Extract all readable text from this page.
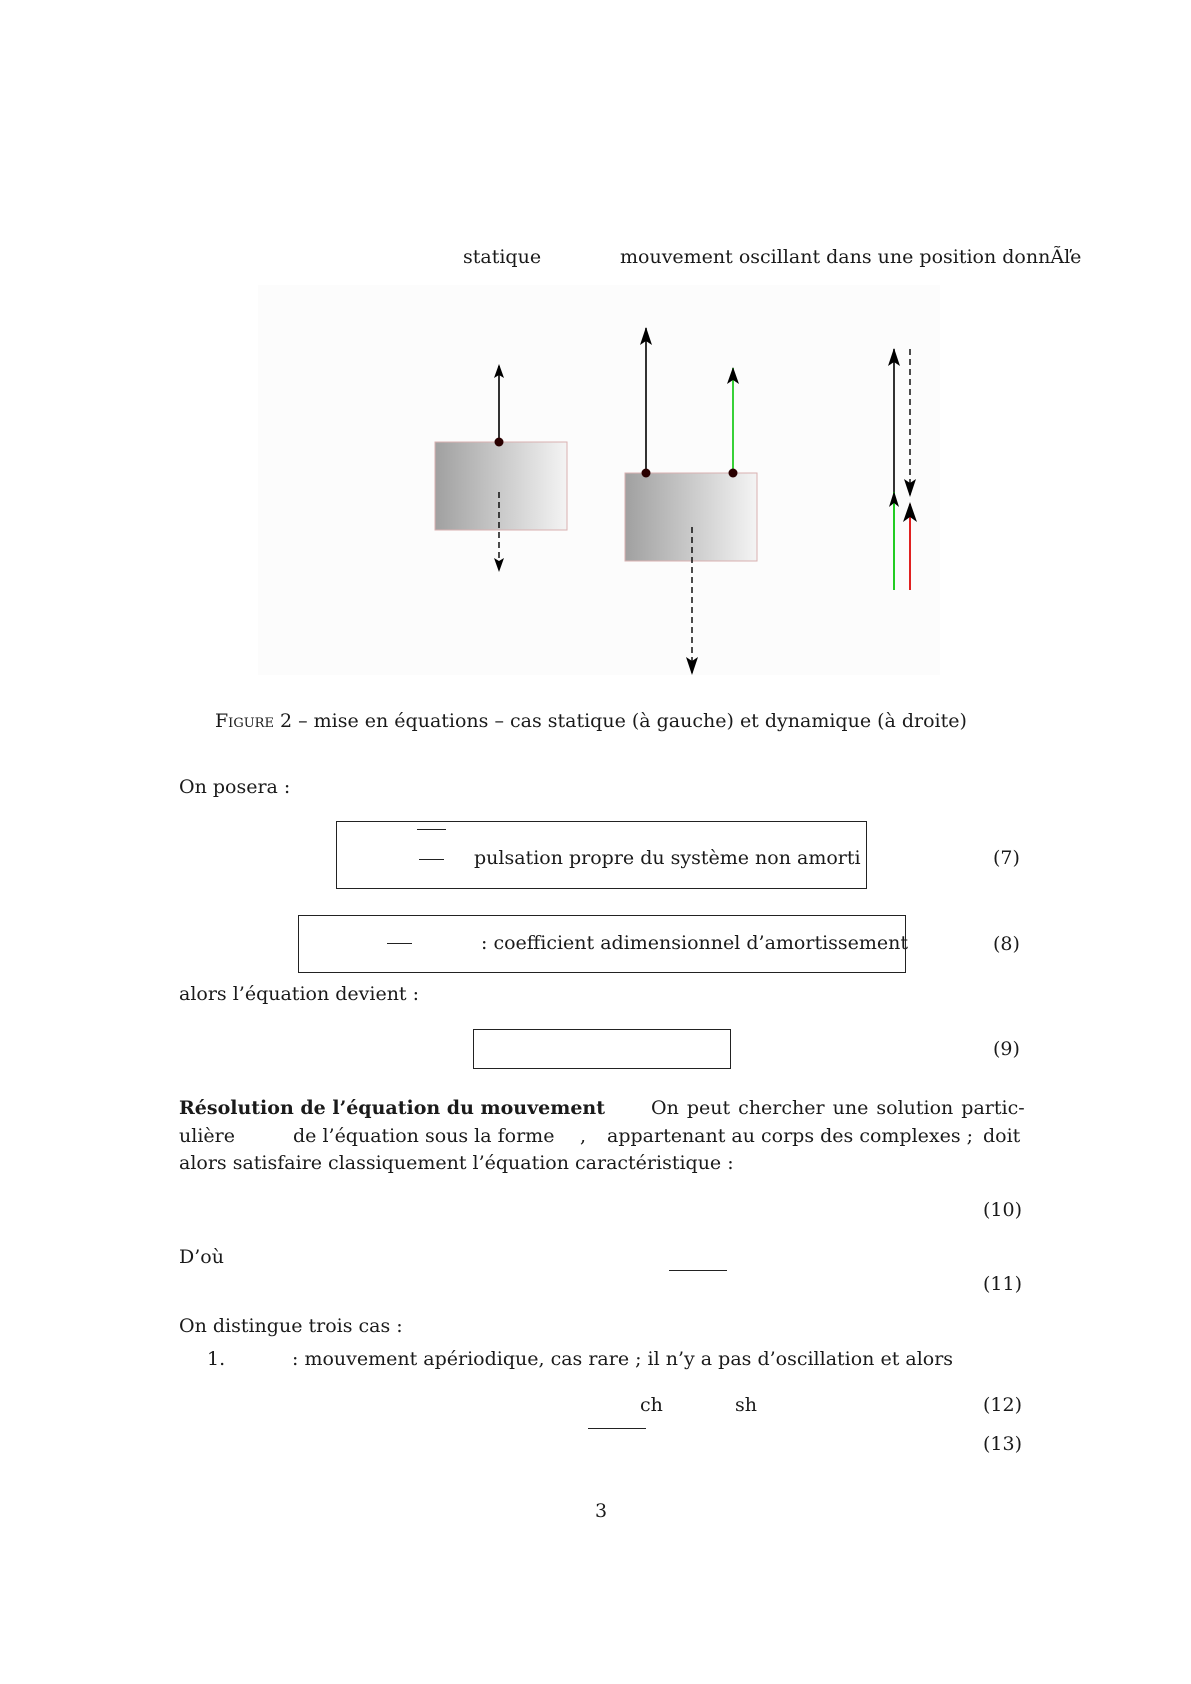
statique	mouvement oscillant dans une position donnÃľe
Figure 2 – mise en équations – cas statique (à gauche) et dynamique (à droite)
On posera :
pulsation propre du système non amorti	(7)
: coefficient adimensionnel d’amortissement	(8)
alors l’équation devient :
(9)
Résolution de l’équation du mouvement On peut chercher une solution partic-
ulière	de l’équation sous la forme , appartenant au corps des complexes ; doit
alors satisfaire classiquement l’équation caractéristique :
(10)
D’où
(11)
On distingue trois cas :
1.	: mouvement apériodique, cas rare ; il n’y a pas d’oscillation et alors
ch	sh	(12)
(13)
3
